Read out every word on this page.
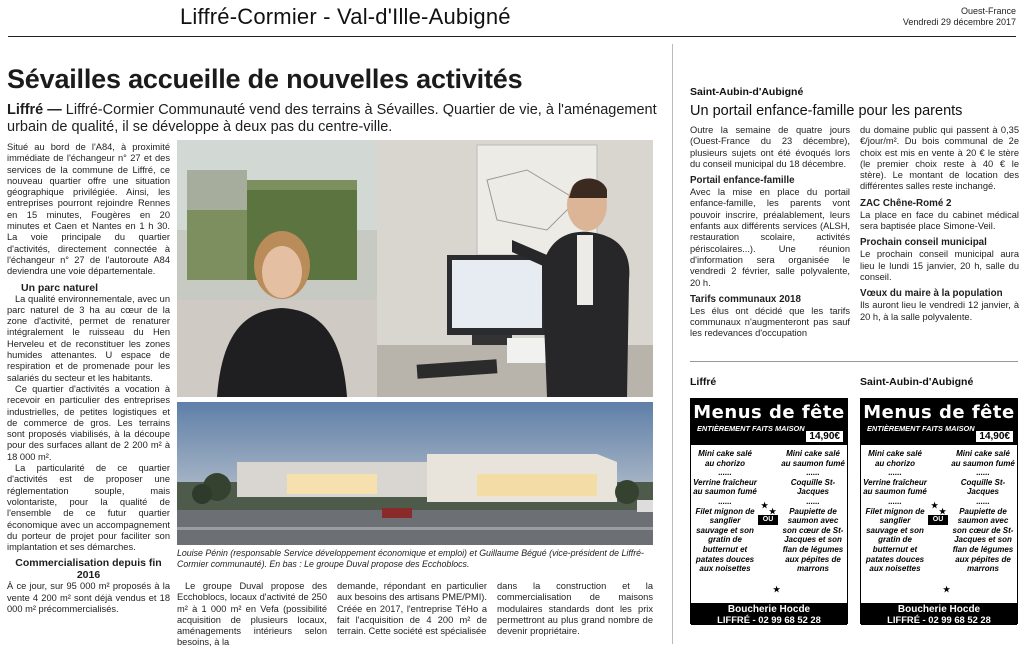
Liffré-Cormier - Val-d'Ille-Aubigné	Ouest-France
Vendredi 29 décembre 2017
Sévailles accueille de nouvelles activités
Liffré — Liffré-Cormier Communauté vend des terrains à Sévailles. Quartier de vie, à l'aménagement urbain de qualité, il se développe à deux pas du centre-ville.

Situé au bord de l'A84, à proximité immédiate de l'échangeur n° 27 et des services de la commune de Liffré, ce nouveau quartier offre une situation géographique privilégiée. Ainsi, les entreprises pourront rejoindre Rennes en 15 minutes, Fougères en 20 minutes et Caen et Nantes en 1 h 30. La voie principale du quartier d'activités, directement connectée à l'échangeur n° 27 de l'autoroute A84 deviendra une voie départementale.

Un parc naturel

La qualité environnementale, avec un parc naturel de 3 ha au cœur de la zone d'activité, permet de renaturer intégralement le ruisseau du Hen Herveleu et de reconstituer les zones humides attenantes. U espace de respiration et de promenade pour les salariés du secteur et les habitants.

Ce quartier d'activités a vocation à recevoir en particulier des entreprises industrielles, de petites logistiques et de commerce de gros. Les terrains sont proposés viabilisés, à la découpe pour des surfaces allant de 2 200 m² à 18 000 m².

La particularité de ce quartier d'activités est de proposer une réglementation souple, mais volontariste, pour la qualité de l'ensemble de ce futur quartier économique avec un accompagnement du porteur de projet pour faciliter son implantation et ses démarches.

Commercialisation depuis fin 2016

À ce jour, sur 95 000 m² proposés à la vente 4 200 m² sont déjà vendus et 18 000 m² précommercialisés.

Louise Pénin (responsable Service développement économique et emploi) et Guillaume Bégué (vice-président de Liffré-Cormier communauté). En bas : Le groupe Duval propose des Ecchoblocs.

Le groupe Duval propose des Ecchoblocs, locaux d'activité de 250 m² à 1 000 m² en Vefa (possibilité acquisition de plusieurs locaux, aménagements intérieurs selon besoins, à la

demande, répondant en particulier aux besoins des artisans PME/PMI). Créée en 2017, l'entreprise TéHo a fait l'acquisition de 4 200 m² de terrain. Cette société est spécialisée

dans la construction et la commercialisation de maisons modulaires standards dont les prix permettront au plus grand nombre de devenir propriétaire.

Saint-Aubin-d'Aubigné
Un portail enfance-famille pour les parents

Outre la semaine de quatre jours (Ouest-France du 23 décembre), plusieurs sujets ont été évoqués lors du conseil municipal du 18 décembre.

Portail enfance-famille

Avec la mise en place du portail enfance-famille, les parents vont pouvoir inscrire, préalablement, leurs enfants aux différents services (ALSH, restauration scolaire, activités périscolaires...). Une réunion d'information sera organisée le vendredi 2 février, salle polyvalente, 20 h.

Tarifs communaux 2018

Les élus ont décidé que les tarifs communaux n'augmenteront pas sauf les redevances d'occupation

du domaine public qui passent à 0,35 €/jour/m². Du bois communal de 2e choix est mis en vente à 20 € le stère (le premier choix reste à 40 € le stère). Le montant de location des différentes salles reste inchangé.

ZAC Chêne-Romé 2

La place en face du cabinet médical sera baptisée place Simone-Veil.

Prochain conseil municipal

Le prochain conseil municipal aura lieu le lundi 15 janvier, 20 h, salle du conseil.

Vœux du maire à la population

Ils auront lieu le vendredi 12 janvier, à 20 h, à la salle polyvalente.

Liffré	Saint-Aubin-d'Aubigné
Menus de fête
ENTIÈREMENT FAITS MAISON
14,90€
Mini cake salé au chorizo
......
Verrine fraîcheur au saumon fumé
......
Filet mignon de sanglier sauvage et son gratin de butternut et patates douces aux noisettes
OU
Mini cake salé au saumon fumé
......
Coquille St-Jacques
......
Paupiette de saumon avec son cœur de St-Jacques et son flan de légumes aux pépites de marrons
★
★
★
Boucherie Hocde
LIFFRÉ - 02 99 68 52 28
Menus de fête
ENTIÈREMENT FAITS MAISON
14,90€
Mini cake salé au chorizo
......
Verrine fraîcheur au saumon fumé
......
Filet mignon de sanglier sauvage et son gratin de butternut et patates douces aux noisettes
OU
Mini cake salé au saumon fumé
......
Coquille St-Jacques
......
Paupiette de saumon avec son cœur de St-Jacques et son flan de légumes aux pépites de marrons
★
★
★
Boucherie Hocde
LIFFRÉ - 02 99 68 52 28
